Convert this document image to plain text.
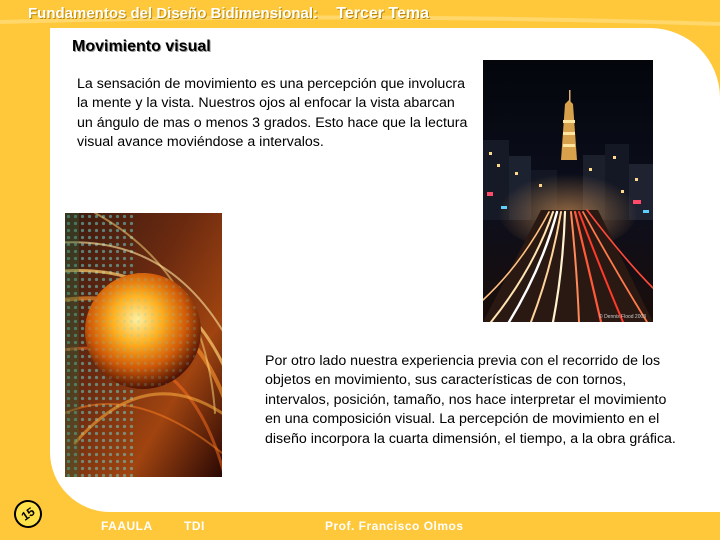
Fundamentos del Diseño Bidimensional: Tercer Tema
Movimiento visual
La sensación de movimiento es una percepción que involucra la mente y la vista. Nuestros ojos al enfocar la vista abarcan un ángulo de mas o menos 3 grados. Esto hace que la lectura visual avance moviéndose a intervalos.
© Dennis Flood 2003
Por otro lado nuestra experiencia previa con el recorrido de los objetos en movimiento, sus características de con tornos, intervalos, posición, tamaño, nos hace interpretar el movimiento en una composición visual. La percepción de movimiento en el diseño incorpora la cuarta dimensión, el tiempo, a la obra gráfica.
15
FAAULA	TDI	Prof. Francisco Olmos
